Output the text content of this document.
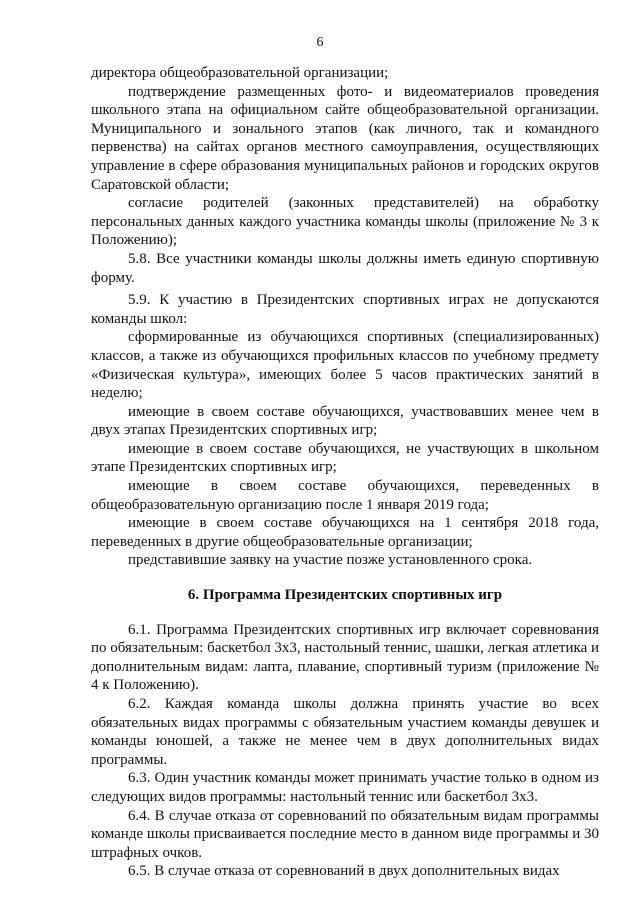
6

директора общеобразовательной организации;

подтверждение размещенных фото- и видеоматериалов проведения школьного этапа на официальном сайте общеобразовательной организации. Муниципального и зонального этапов (как личного, так и командного первенства) на сайтах органов местного самоуправления, осуществляющих управление в сфере образования муниципальных районов и городских округов Саратовской области;

согласие родителей (законных представителей) на обработку персональных данных каждого участника команды школы (приложение № 3 к Положению);

5.8. Все участники команды школы должны иметь единую спортивную форму.

5.9. К участию в Президентских спортивных играх не допускаются команды школ:

сформированные из обучающихся спортивных (специализированных) классов, а также из обучающихся профильных классов по учебному предмету «Физическая культура», имеющих более 5 часов практических занятий в неделю;

имеющие в своем составе обучающихся, участвовавших менее чем в двух этапах Президентских спортивных игр;

имеющие в своем составе обучающихся, не участвующих в школьном этапе Президентских спортивных игр;

имеющие в своем составе обучающихся, переведенных в общеобразовательную организацию после 1 января 2019 года;

имеющие в своем составе обучающихся на 1 сентября 2018 года, переведенных в другие общеобразовательные организации;

представившие заявку на участие позже установленного срока.

6. Программа Президентских спортивных игр

6.1. Программа Президентских спортивных игр включает соревнования по обязательным: баскетбол 3х3, настольный теннис, шашки, легкая атлетика и дополнительным видам: лапта, плавание, спортивный туризм (приложение № 4 к Положению).

6.2. Каждая команда школы должна принять участие во всех обязательных видах программы с обязательным участием команды девушек и команды юношей, а также не менее чем в двух дополнительных видах программы.

6.3. Один участник команды может принимать участие только в одном из следующих видов программы: настольный теннис или баскетбол 3х3.

6.4. В случае отказа от соревнований по обязательным видам программы команде школы присваивается последние место в данном виде программы и 30 штрафных очков.

6.5. В случае отказа от соревнований в двух дополнительных видах
